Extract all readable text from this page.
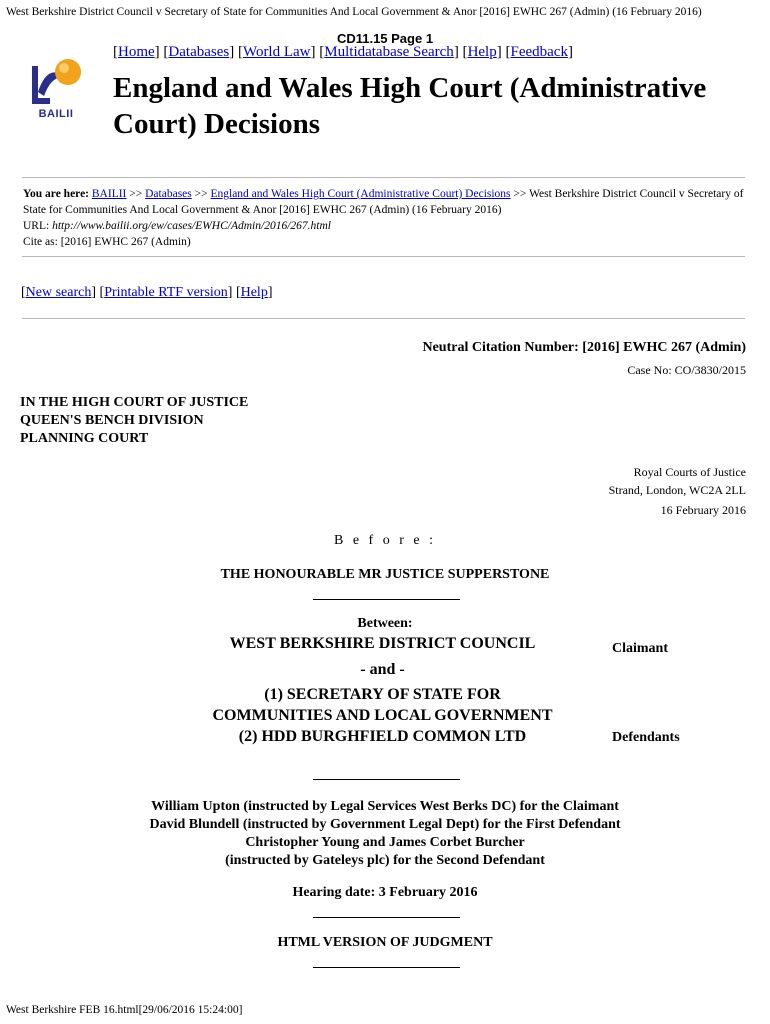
West Berkshire District Council v Secretary of State for Communities And Local Government & Anor [2016] EWHC 267 (Admin) (16 February 2016)
CD11.15 Page 1
[Home] [Databases] [World Law] [Multidatabase Search] [Help] [Feedback]
BAILII
England and Wales High Court (Administrative Court) Decisions
You are here: BAILII >> Databases >> England and Wales High Court (Administrative Court) Decisions >> West Berkshire District Council v Secretary of State for Communities And Local Government & Anor [2016] EWHC 267 (Admin) (16 February 2016)
URL: http://www.bailii.org/ew/cases/EWHC/Admin/2016/267.html
Cite as: [2016] EWHC 267 (Admin)
[New search] [Printable RTF version] [Help]
Neutral Citation Number: [2016] EWHC 267 (Admin)
Case No: CO/3830/2015
IN THE HIGH COURT OF JUSTICE
QUEEN'S BENCH DIVISION
PLANNING COURT
Royal Courts of Justice
Strand, London, WC2A 2LL
16 February 2016
B e f o r e :
THE HONOURABLE MR JUSTICE SUPPERSTONE
Between:
WEST BERKSHIRE DISTRICT COUNCIL	Claimant
- and -
(1) SECRETARY OF STATE FOR
COMMUNITIES AND LOCAL GOVERNMENT
(2) HDD BURGHFIELD COMMON LTD	Defendants
William Upton (instructed by Legal Services West Berks DC) for the Claimant
David Blundell (instructed by Government Legal Dept) for the First Defendant
Christopher Young and James Corbet Burcher
(instructed by Gateleys plc) for the Second Defendant
Hearing date: 3 February 2016
HTML VERSION OF JUDGMENT
West Berkshire FEB 16.html[29/06/2016 15:24:00]
